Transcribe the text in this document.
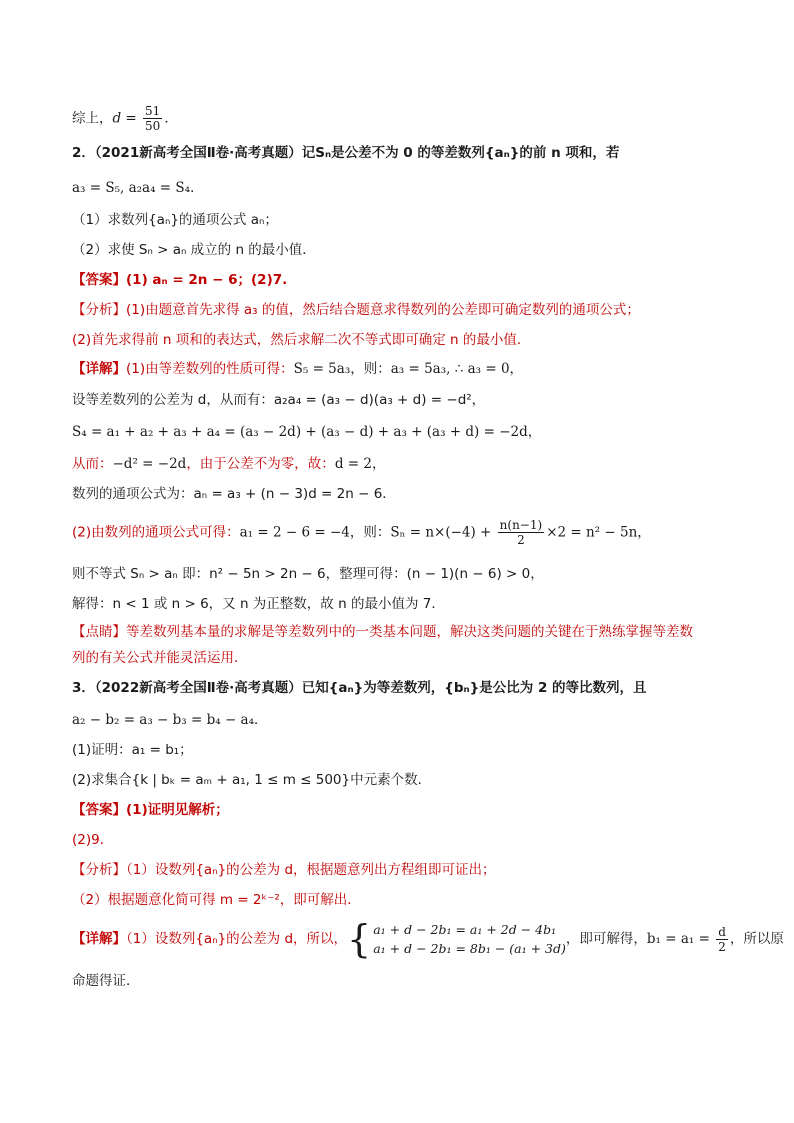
综上，$d = \frac{51}{50}$ ．
2．（2021新高考全国Ⅱ卷·高考真题）记Sₙ是公差不为 0 的等差数列{aₙ}的前 n 项和，若
a₃ = S₅, a₂a₄ = S₄．
（1）求数列{aₙ}的通项公式 aₙ；
（2）求使 Sₙ > aₙ 成立的 n 的最小值．
【答案】(1) aₙ = 2n − 6；(2)7.
【分析】(1)由题意首先求得 a₃ 的值，然后结合题意求得数列的公差即可确定数列的通项公式；
(2)首先求得前 n 项和的表达式，然后求解二次不等式即可确定 n 的最小值.
【详解】(1)由等差数列的性质可得：S₅ = 5a₃，则：a₃ = 5a₃, ∴ a₃ = 0，
设等差数列的公差为 d，从而有：a₂a₄ = (a₃ − d)(a₃ + d) = −d²，
S₄ = a₁ + a₂ + a₃ + a₄ = (a₃ − 2d) + (a₃ − d) + a₃ + (a₃ + d) = −2d，
从而：−d² = −2d，由于公差不为零，故：d = 2，
数列的通项公式为：aₙ = a₃ + (n − 3)d = 2n − 6．
(2)由数列的通项公式可得：a₁ = 2 − 6 = −4，则：$S_n = n\times(-4) + \frac{n(n-1)}{2} \times 2 = n^2 - 5n$，
则不等式 Sₙ > aₙ 即：n² − 5n > 2n − 6，整理可得：(n − 1)(n − 6) > 0，
解得：n < 1 或 n > 6，又 n 为正整数，故 n 的最小值为 7．
【点睛】等差数列基本量的求解是等差数列中的一类基本问题，解决这类问题的关键在于熟练掌握等差数
列的有关公式并能灵活运用.
3．（2022新高考全国Ⅱ卷·高考真题）已知{aₙ}为等差数列，{bₙ}是公比为 2 的等比数列，且
a₂ − b₂ = a₃ − b₃ = b₄ − a₄．
(1)证明：a₁ = b₁；
(2)求集合{k | bₖ = aₘ + a₁, 1 ≤ m ≤ 500}中元素个数．
【答案】(1)证明见解析；
(2)9．
【分析】（1）设数列{aₙ}的公差为 d，根据题意列出方程组即可证出；
（2）根据题意化简可得 m = 2ᵏ⁻²，即可解出．
【详解】（1）设数列{aₙ}的公差为 d，所以， { a₁ + d − 2b₁ = a₁ + 2d − 4b₁
a₁ + d − 2b₁ = 8b₁ − (a₁ + 3d)
，即可解得，$b_1 = a_1 = \frac{d}{2}$ ，所以原
命题得证．
